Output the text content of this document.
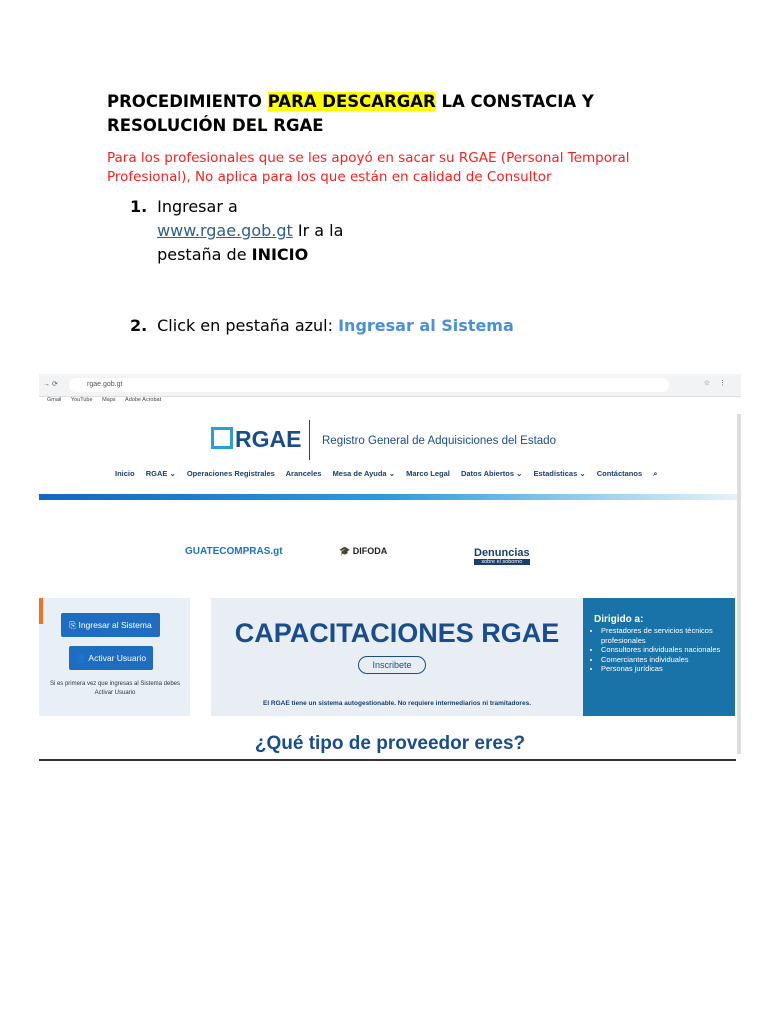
PROCEDIMIENTO PARA DESCARGAR LA CONSTACIA Y RESOLUCIÓN DEL RGAE
Para los profesionales que se les apoyó en sacar su RGAE (Personal Temporal Profesional), No aplica para los que están en calidad de Consultor
1. Ingresar a
www.rgae.gob.gt Ir a la pestaña de INICIO
2. Click en pestaña azul: Ingresar al Sistema
→ ⟳	rgae.gob.gt	☆⋮
Gmail YouTube Maps Adobe Acrobat
RGAE Registro General de Adquisiciones del Estado
Inicio RGAE ⌄ Operaciones Registrales Aranceles Mesa de Ayuda ⌄ Marco Legal Datos Abiertos ⌄ Estadísticas ⌄ Contáctanos ⌕
GUATECOMPRAS.gt	🎓 DIFODA	Denuncias
sobre el soborno
⎘ Ingresar al Sistema
👤 Activar Usuario
Si es primera vez que ingresas al Sistema debes Activar Usuario
CAPACITACIONES RGAE
Inscribete
El RGAE tiene un sistema autogestionable. No requiere intermediarios ni tramitadores.
Dirigido a:
• Prestadores de servicios técnicos profesionales
• Consultores individuales nacionales
• Comerciantes individuales
• Personas jurídicas
¿Qué tipo de proveedor eres?
